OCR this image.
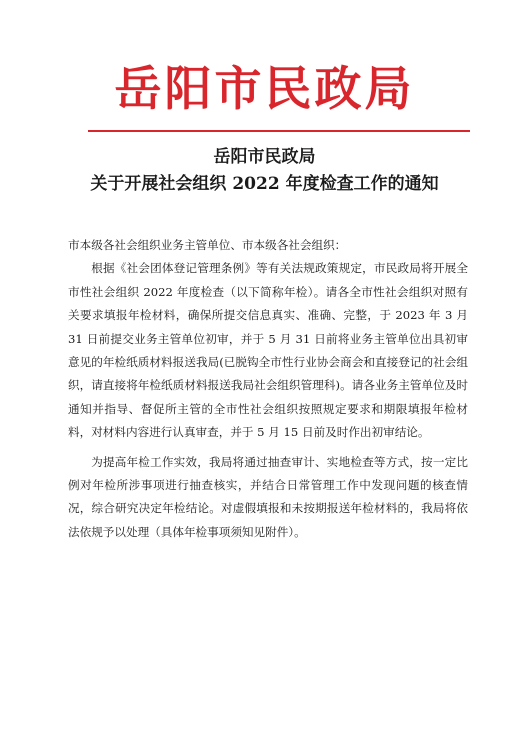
岳阳市民政局
岳阳市民政局
关于开展社会组织 2022 年度检查工作的通知

市本级各社会组织业务主管单位、市本级各社会组织：

根据《社会团体登记管理条例》等有关法规政策规定，市民政局将开展全市性社会组织 2022 年度检查（以下简称年检）。请各全市性社会组织对照有关要求填报年检材料，确保所提交信息真实、准确、完整，于 2023 年 3 月 31 日前提交业务主管单位初审，并于 5 月 31 日前将业务主管单位出具初审意见的年检纸质材料报送我局(已脱钩全市性行业协会商会和直接登记的社会组织，请直接将年检纸质材料报送我局社会组织管理科)。请各业务主管单位及时通知并指导、督促所主管的全市性社会组织按照规定要求和期限填报年检材料，对材料内容进行认真审查，并于 5 月 15 日前及时作出初审结论。

为提高年检工作实效，我局将通过抽查审计、实地检查等方式，按一定比例对年检所涉事项进行抽查核实，并结合日常管理工作中发现问题的核查情况，综合研究决定年检结论。对虚假填报和未按期报送年检材料的，我局将依法依规予以处理（具体年检事项须知见附件）。
